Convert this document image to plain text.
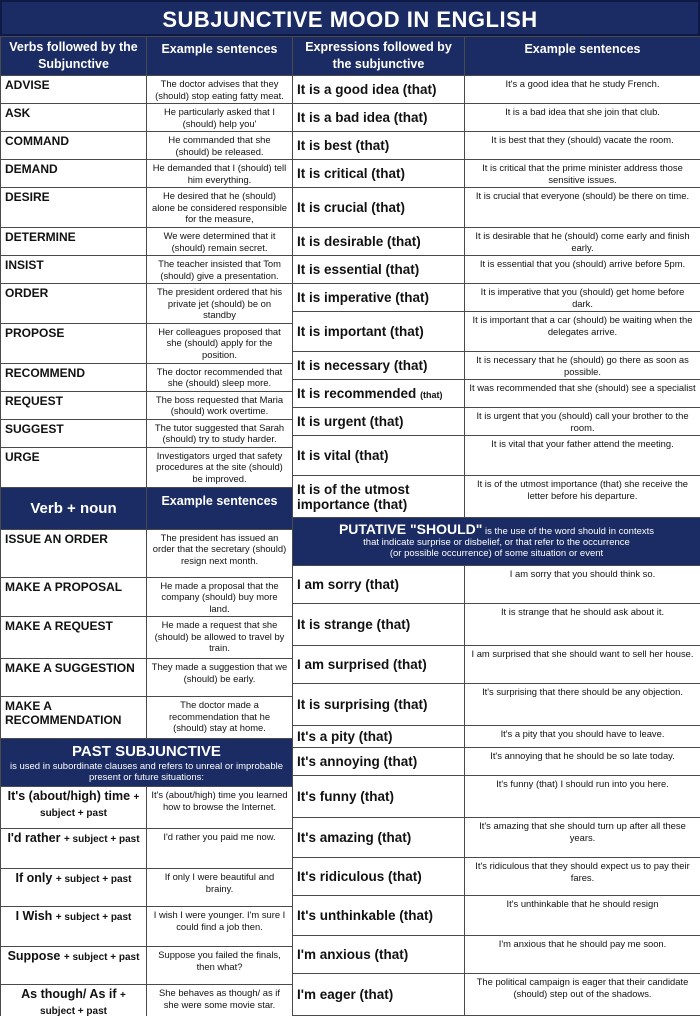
SUBJUNCTIVE MOOD IN ENGLISH
Verbs followed by the Subjunctive	Example sentences
ADVISE	The doctor advises that they (should) stop eating fatty meat.
ASK	He particularly asked that I (should) help you'
COMMAND	He commanded that she (should) be released.
DEMAND	He demanded that I (should) tell him everything.
DESIRE	He desired that he (should) alone be considered responsible for the measure,
DETERMINE	We were determined that it (should) remain secret.
INSIST	The teacher insisted that Tom (should) give a presentation.
ORDER	The president ordered that his private jet (should) be on standby
PROPOSE	Her colleagues proposed that she (should) apply for the position.
RECOMMEND	The doctor recommended that she (should) sleep more.
REQUEST	The boss requested that Maria (should) work overtime.
SUGGEST	The tutor suggested that Sarah (should) try to study harder.
URGE	Investigators urged that safety procedures at the site (should) be improved.
Verb + noun	Example sentences
ISSUE AN ORDER	The president has issued an order that the secretary (should) resign next month.
MAKE A PROPOSAL	He made a proposal that the company (should) buy more land.
MAKE A REQUEST	He made a request that she (should) be allowed to travel by train.
MAKE A SUGGESTION	They made a suggestion that we (should) be early.
MAKE A RECOMMENDATION	The doctor made a recommendation that he (should) stay at home.

PAST SUBJUNCTIVE
is used in subordinate clauses and refers to unreal or improbable present or future situations:	
It's (about/high) time + subject + past	It's (about/high) time you learned how to browse the Internet.
I'd rather + subject + past	I'd rather you paid me now.
If only + subject + past	If only I were beautiful and brainy.
I Wish + subject + past	I wish I were younger. I'm sure I could find a job then.
Suppose + subject + past	Suppose you failed the finals, then what?
As though/ As if + subject + past	She behaves as though/ as if she were some movie star.
Expressions followed by the subjunctive	Example sentences
It is a good idea (that)	It's a good idea that he study French.
It is a bad idea (that)	It is a bad idea that she join that club.
It is best (that)	It is best that they (should) vacate the room.
It is critical (that)	It is critical that the prime minister address those sensitive issues.
It is crucial (that)	It is crucial that everyone (should) be there on time.
It is desirable (that)	It is desirable that he (should) come early and finish early.
It is essential (that)	It is essential that you (should) arrive before 5pm.
It is imperative (that)	It is imperative that you (should) get home before dark.
It is important (that)	It is important that a car (should) be waiting when the delegates arrive.
It is necessary (that)	It is necessary that he (should) go there as soon as possible.
It is recommended (that)	It was recommended that she (should) see a specialist
It is urgent (that)	It is urgent that you (should) call your brother to the room.
It is vital (that)	It is vital that your father attend the meeting.
It is of the utmost importance (that)	It is of the utmost importance (that) she receive the letter before his departure.
PUTATIVE "SHOULD" is the use of the word should in contexts
that indicate surprise or disbelief, or that refer to the occurrence
(or possible occurrence) of some situation or event	
I am sorry (that)	I am sorry that you should think so.
It is strange (that)	It is strange that he should ask about it.
I am surprised (that)	I am surprised that she should want to sell her house.
It is surprising (that)	It's surprising that there should be any objection.
It's a pity (that)	It's a pity that you should have to leave.
It's annoying (that)	It's annoying that he should be so late today.
It's funny (that)	It's funny (that) I should run into you here.
It's amazing (that)	It's amazing that she should turn up after all these years.
It's ridiculous (that)	It's ridiculous that they should expect us to pay their fares.
It's unthinkable (that)	It's unthinkable that he should resign
I'm anxious (that)	I'm anxious that he should pay me soon.
I'm eager (that)	The political campaign is eager that their candidate (should) step out of the shadows.
